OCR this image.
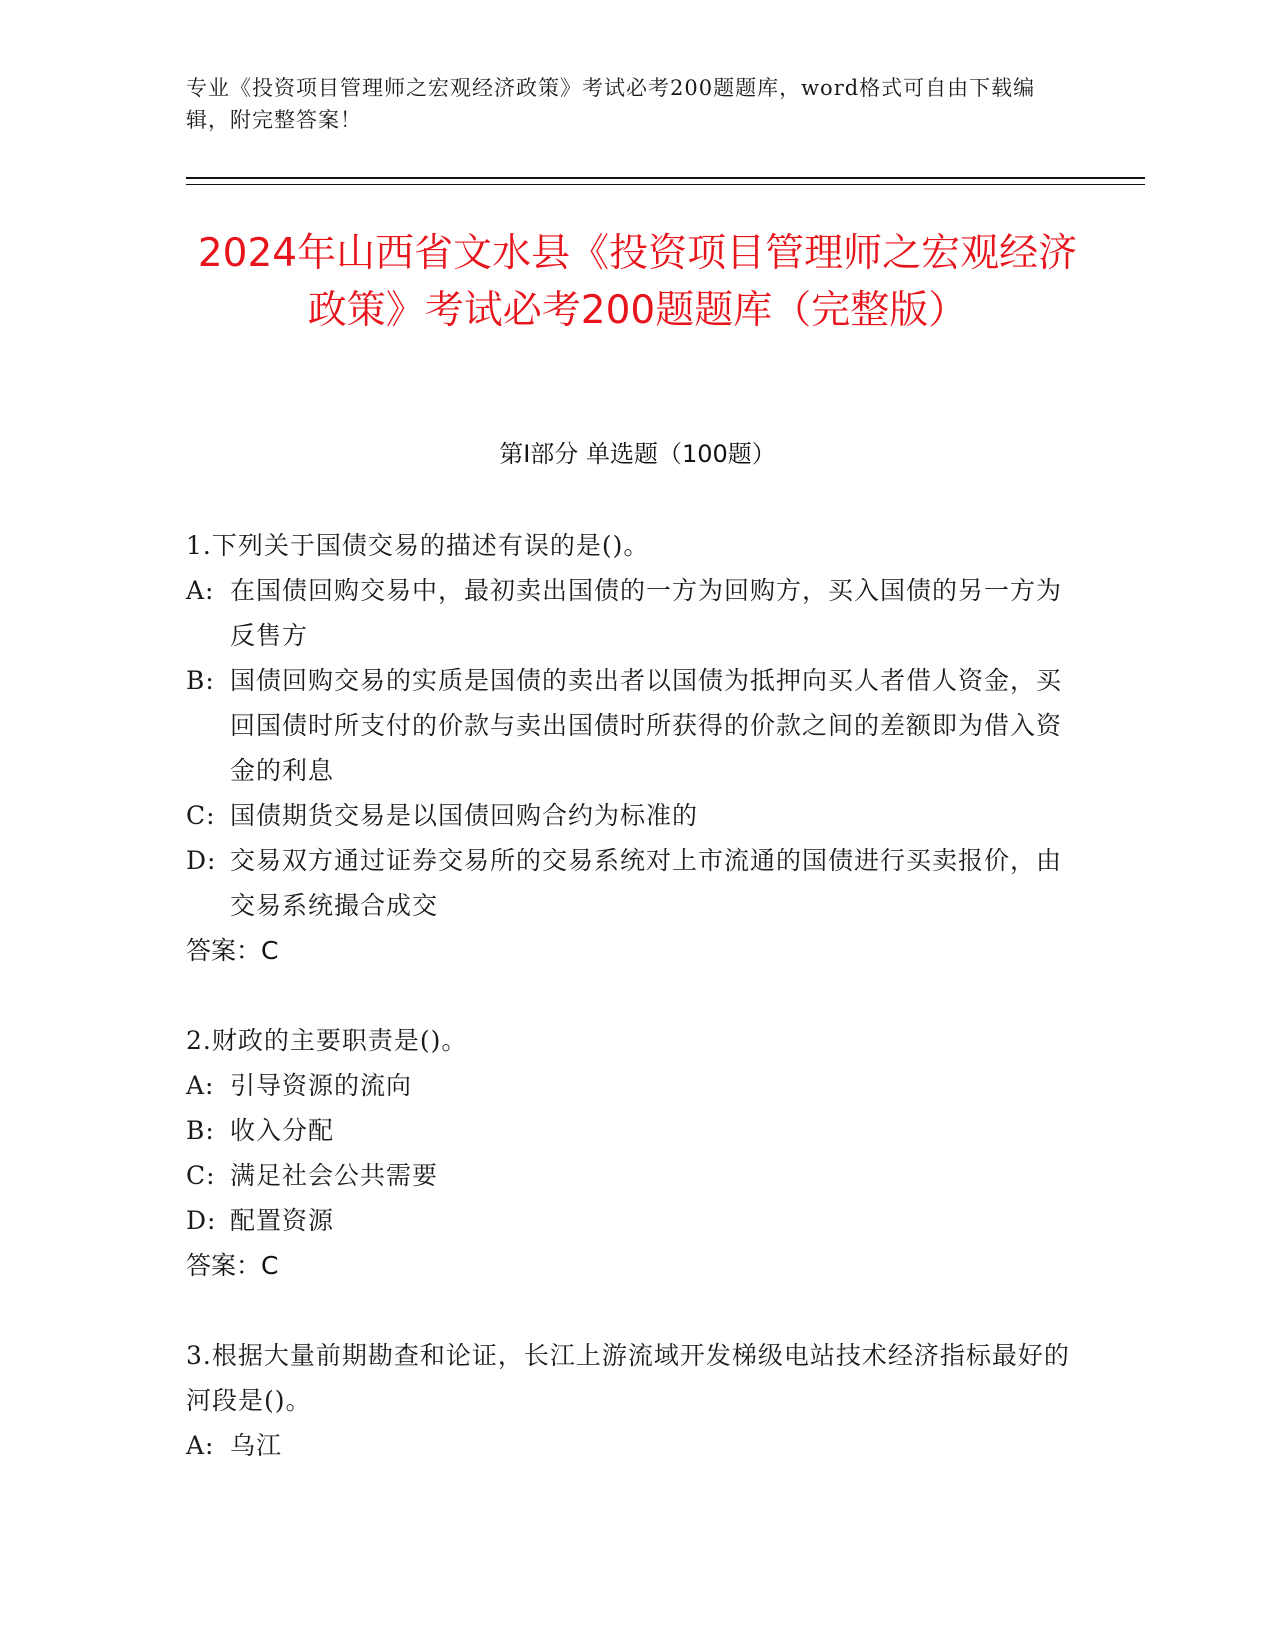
专业《投资项目管理师之宏观经济政策》考试必考200题题库，word格式可自由下载编辑，附完整答案！
2024年山西省文水县《投资项目管理师之宏观经济政策》考试必考200题题库（完整版）
第I部分 单选题（100题）
1.下列关于国债交易的描述有误的是()。
A: 在国债回购交易中，最初卖出国债的一方为回购方，买入国债的另一方为反售方
B: 国债回购交易的实质是国债的卖出者以国债为抵押向买人者借人资金，买回国债时所支付的价款与卖出国债时所获得的价款之间的差额即为借入资金的利息
C: 国债期货交易是以国债回购合约为标准的
D: 交易双方通过证券交易所的交易系统对上市流通的国债进行买卖报价，由交易系统撮合成交
答案：C
2.财政的主要职责是()。
A: 引导资源的流向
B: 收入分配
C: 满足社会公共需要
D: 配置资源
答案：C
3.根据大量前期勘查和论证，长江上游流域开发梯级电站技术经济指标最好的河段是()。
A: 乌江
